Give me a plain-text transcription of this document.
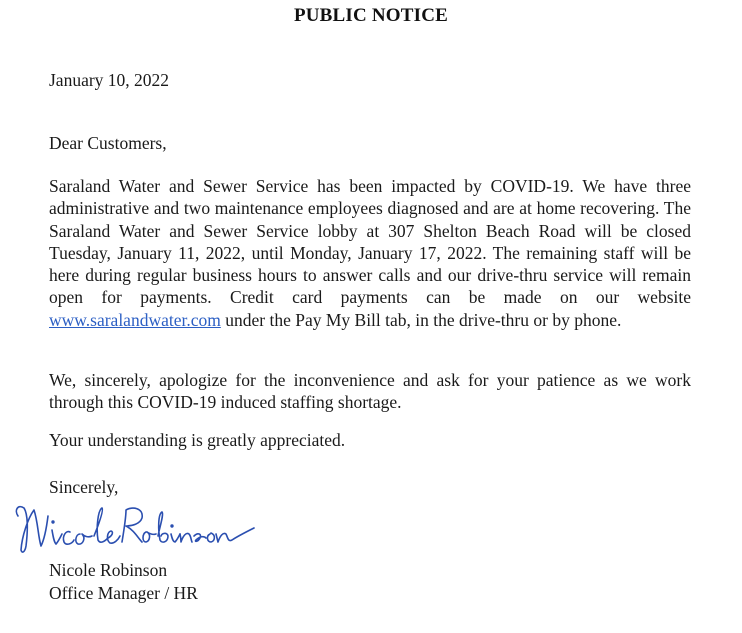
PUBLIC NOTICE
January 10, 2022
Dear Customers,

Saraland Water and Sewer Service has been impacted by COVID-19. We have three administrative and two maintenance employees diagnosed and are at home recovering. The Saraland Water and Sewer Service lobby at 307 Shelton Beach Road will be closed Tuesday, January 11, 2022, until Monday, January 17, 2022. The remaining staff will be here during regular business hours to answer calls and our drive-thru service will remain open for payments. Credit card payments can be made on our website www.saralandwater.com under the Pay My Bill tab, in the drive-thru or by phone.

We, sincerely, apologize for the inconvenience and ask for your patience as we work through this COVID-19 induced staffing shortage.

Your understanding is greatly appreciated.

Sincerely,
Nicole Robinson
Office Manager / HR
